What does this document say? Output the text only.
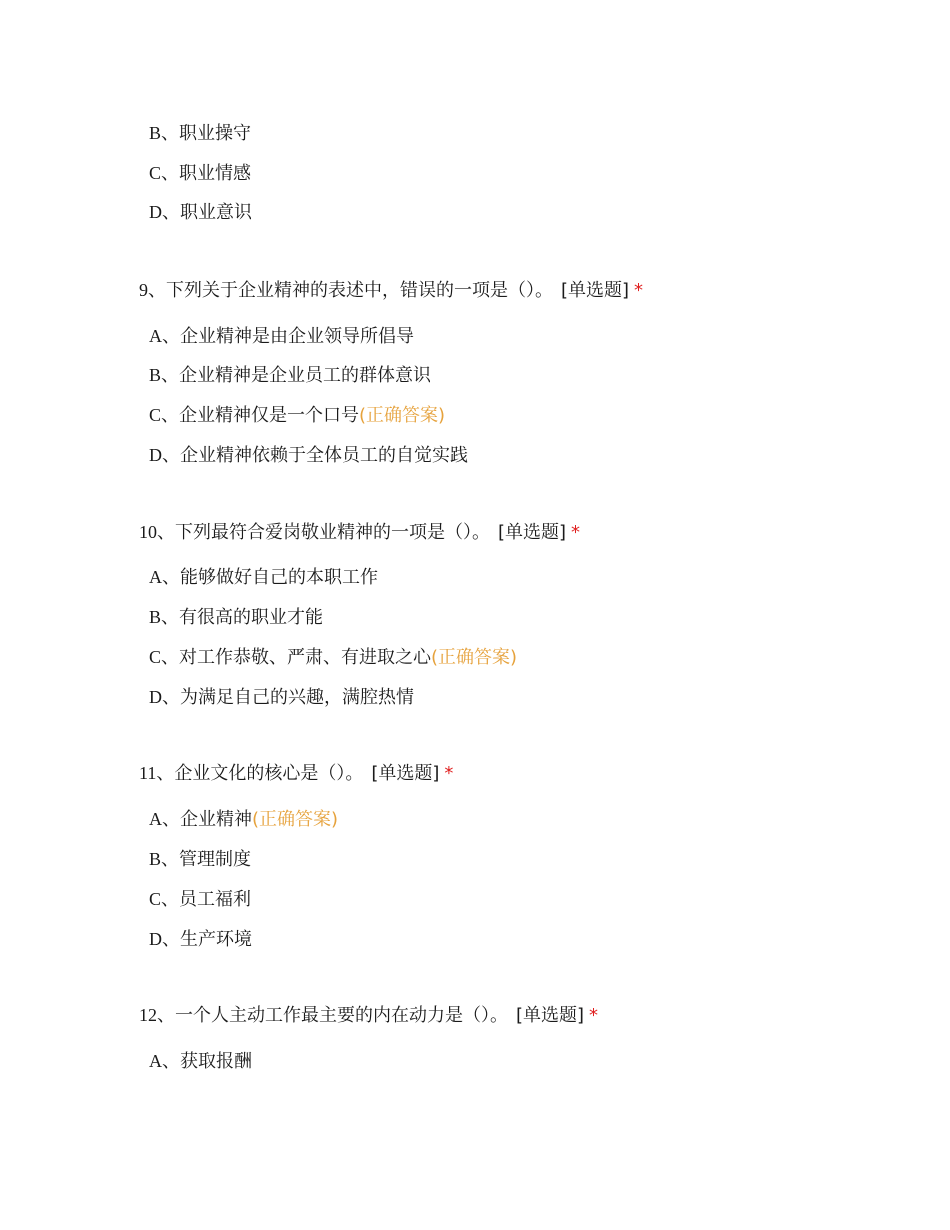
B、职业操守
C、职业情感
D、职业意识
9、下列关于企业精神的表述中，错误的一项是（）。 [单选题] *
A、企业精神是由企业领导所倡导
B、企业精神是企业员工的群体意识
C、企业精神仅是一个口号(正确答案)
D、企业精神依赖于全体员工的自觉实践
10、下列最符合爱岗敬业精神的一项是（）。 [单选题] *
A、能够做好自己的本职工作
B、有很高的职业才能
C、对工作恭敬、严肃、有进取之心(正确答案)
D、为满足自己的兴趣，满腔热情
11、企业文化的核心是（）。 [单选题] *
A、企业精神(正确答案)
B、管理制度
C、员工福利
D、生产环境
12、一个人主动工作最主要的内在动力是（）。 [单选题] *
A、获取报酬
